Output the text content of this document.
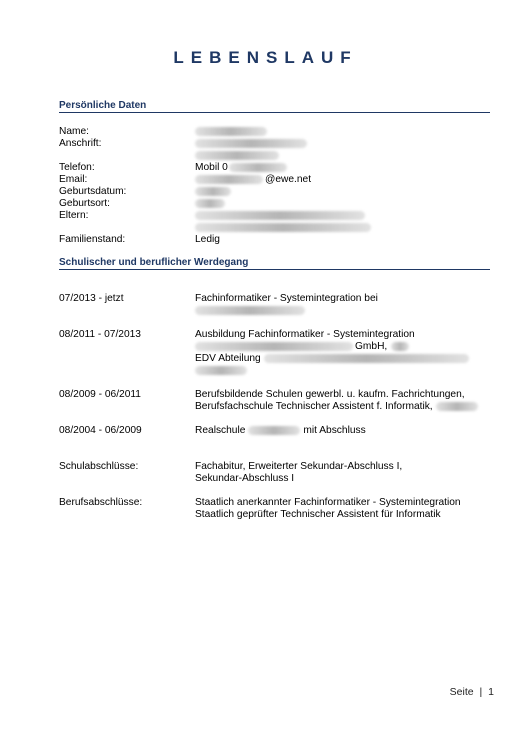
LEBENSLAUF
Persönliche Daten
Name:
Anschrift:
Telefon:	Mobil 0
Email:	@ewe.net
Geburtsdatum:
Geburtsort:
Eltern:
Familienstand:	Ledig
Schulischer und beruflicher Werdegang
07/2013 - jetzt	Fachinformatiker - Systemintegration bei
08/2011 - 07/2013	Ausbildung Fachinformatiker - Systemintegration
GmbH,
EDV Abteilung
08/2009 - 06/2011	Berufsbildende Schulen gewerbl. u. kaufm. Fachrichtungen,
Berufsfachschule Technischer Assistent f. Informatik,
08/2004 - 06/2009	Realschule	mit Abschluss
Schulabschlüsse:	Fachabitur, Erweiterter Sekundar-Abschluss I,
Sekundar-Abschluss I
Berufsabschlüsse:	Staatlich anerkannter Fachinformatiker - Systemintegration
Staatlich geprüfter Technischer Assistent für Informatik
Seite | 1
